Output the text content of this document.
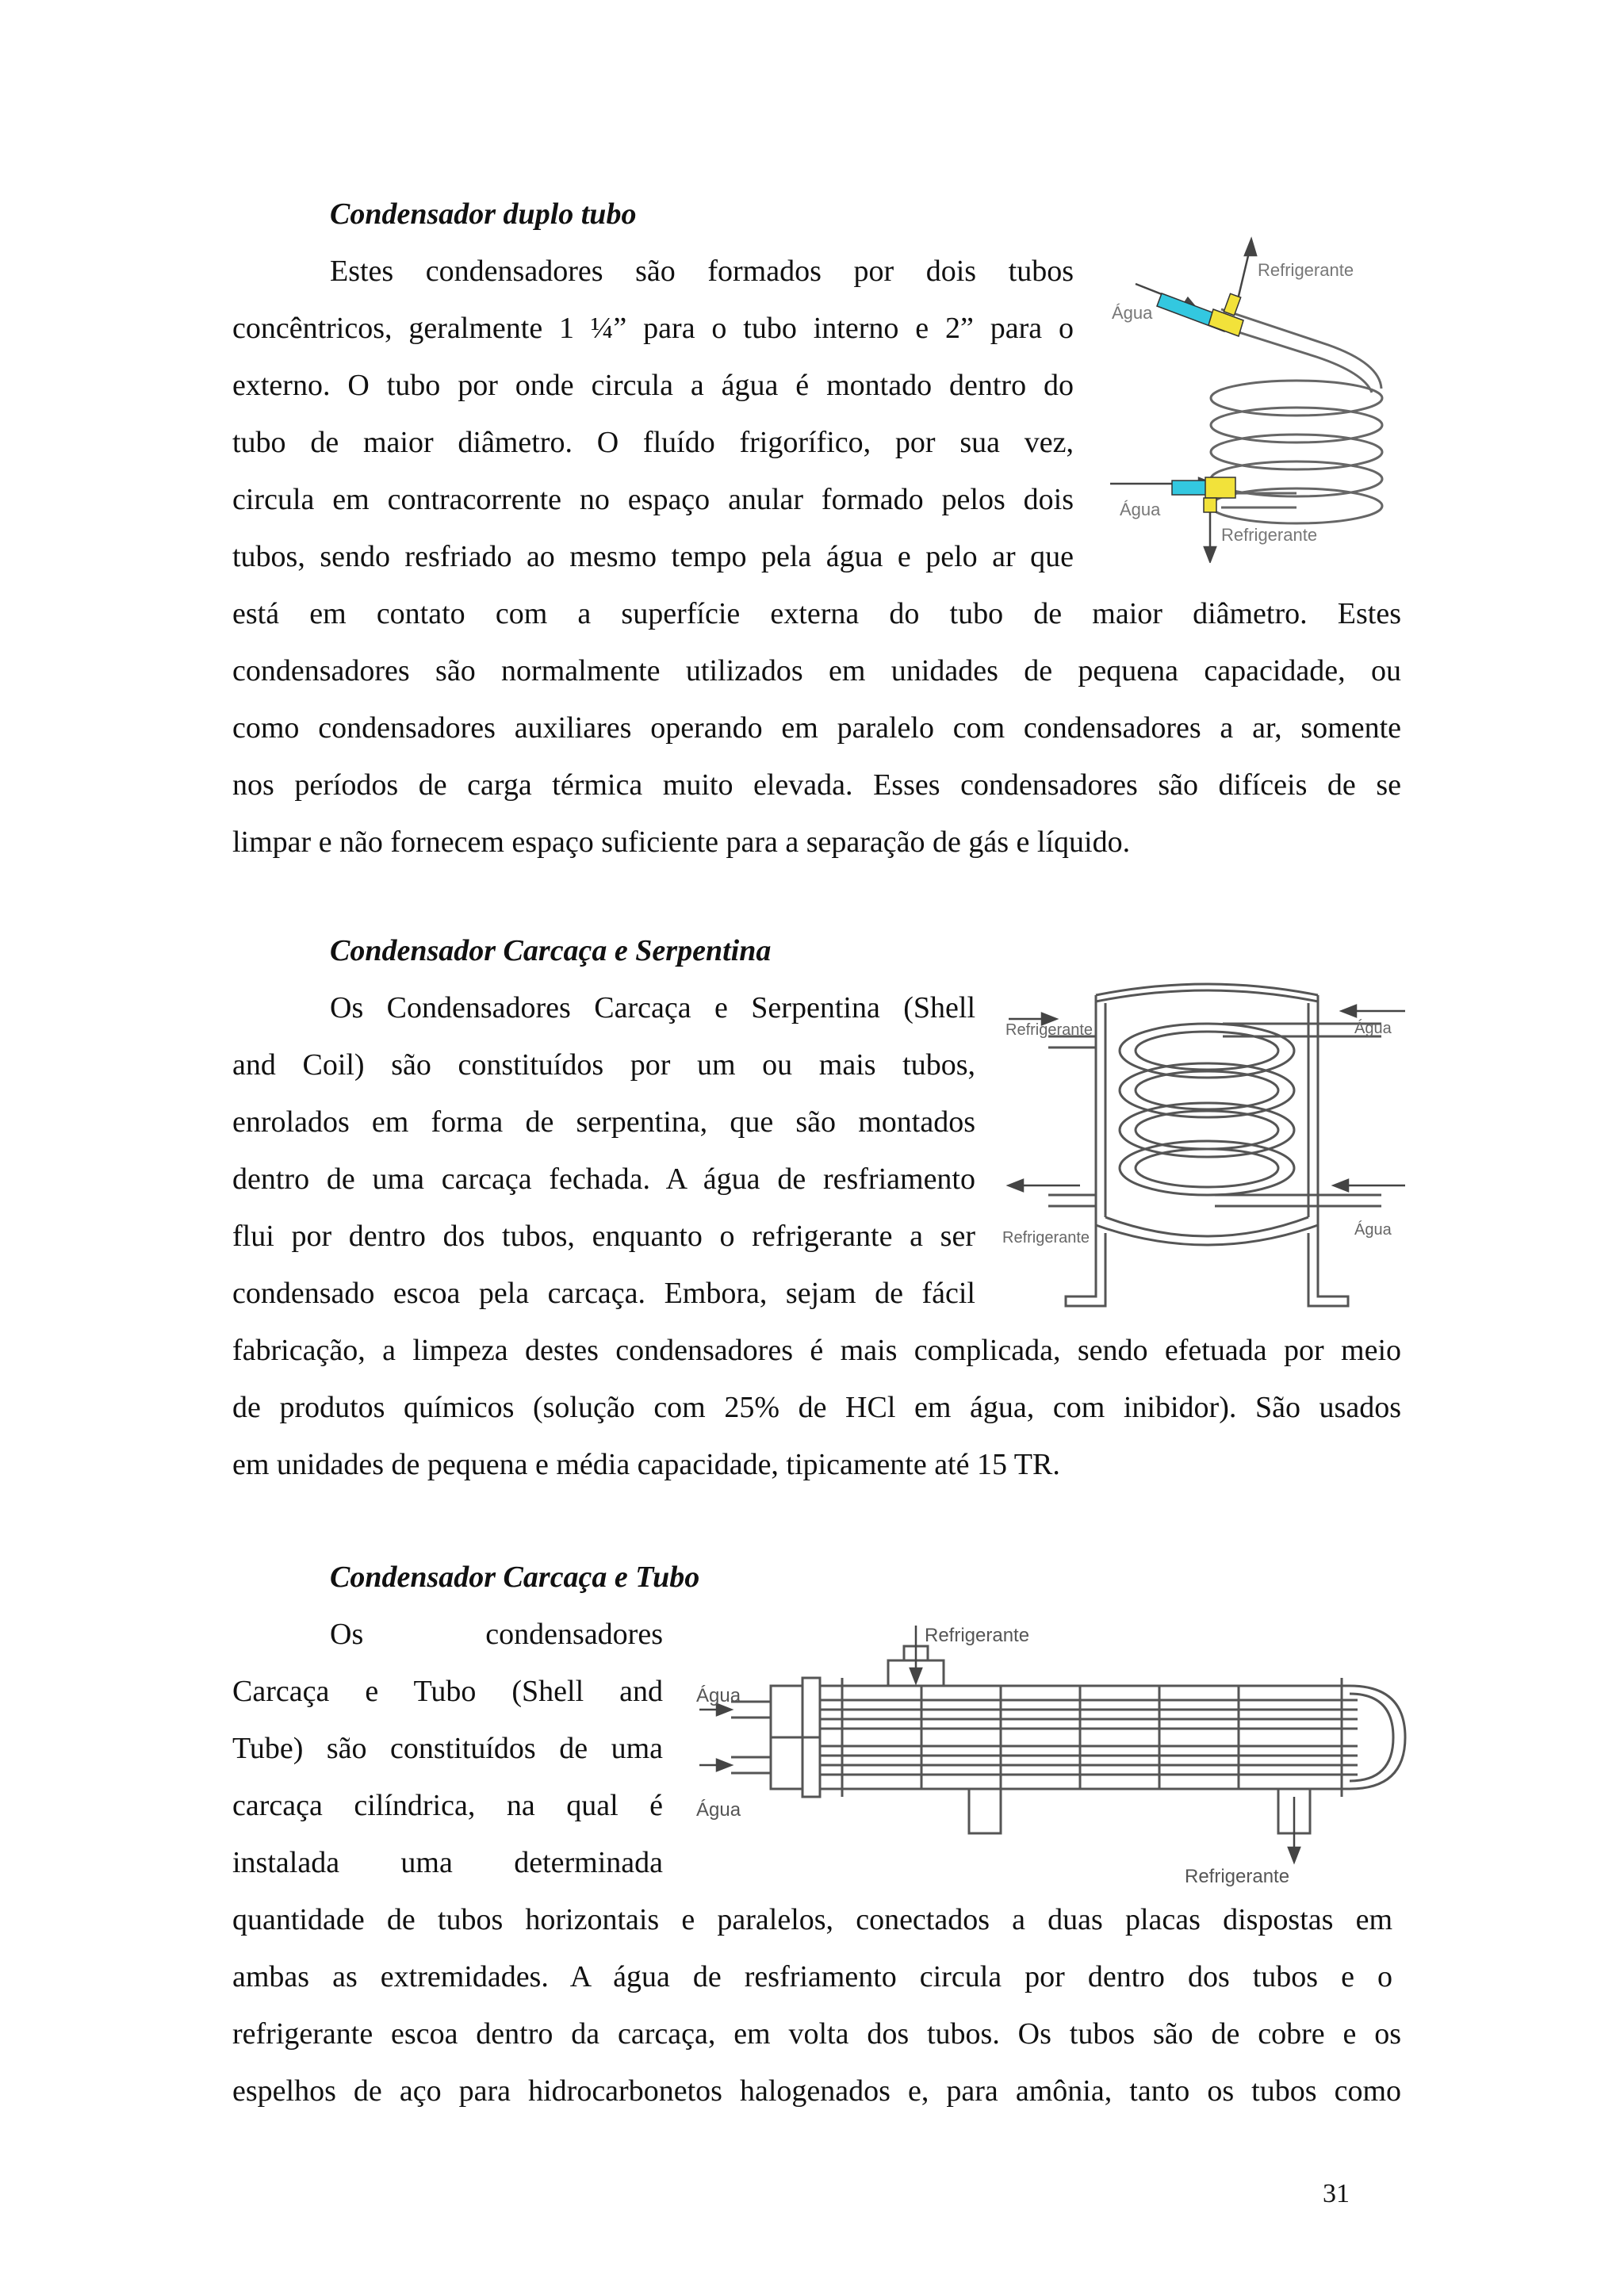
Condensador duplo tubo
Estes condensadores são formados por dois tubos
concêntricos, geralmente 1 ¼” para o tubo interno e 2” para o
externo. O tubo por onde circula a água é montado dentro do
tubo de maior diâmetro. O fluído frigorífico, por sua vez,
circula em contracorrente no espaço anular formado pelos dois
tubos, sendo resfriado ao mesmo tempo pela água e pelo ar que
está em contato com a superfície externa do tubo de maior diâmetro. Estes
condensadores são normalmente utilizados em unidades de pequena capacidade, ou
como condensadores auxiliares operando em paralelo com condensadores a ar, somente
nos períodos de carga térmica muito elevada. Esses condensadores são difíceis de se
limpar e não fornecem espaço suficiente para a separação de gás e líquido.
Refrigerante
Água
Água
Refrigerante
Condensador Carcaça e Serpentina
Os Condensadores Carcaça e Serpentina (Shell
and Coil) são constituídos por um ou mais tubos,
enrolados em forma de serpentina, que são montados
dentro de uma carcaça fechada. A água de resfriamento
flui por dentro dos tubos, enquanto o refrigerante a ser
condensado escoa pela carcaça. Embora, sejam de fácil
fabricação, a limpeza destes condensadores é mais complicada, sendo efetuada por meio
de produtos químicos (solução com 25% de HCl em água, com inibidor). São usados
em unidades de pequena e média capacidade, tipicamente até 15 TR.
Refrigerante	Água
Refrigerante	Água
Condensador Carcaça e Tubo
Os condensadores
Carcaça e Tubo (Shell and
Tube) são constituídos de uma
carcaça cilíndrica, na qual é
instalada uma determinada
quantidade de tubos horizontais e paralelos, conectados a duas placas dispostas em
ambas as extremidades. A água de resfriamento circula por dentro dos tubos e o
refrigerante escoa dentro da carcaça, em volta dos tubos. Os tubos são de cobre e os
espelhos de aço para hidrocarbonetos halogenados e, para amônia, tanto os tubos como
Refrigerante
Água
Água
Refrigerante
31
